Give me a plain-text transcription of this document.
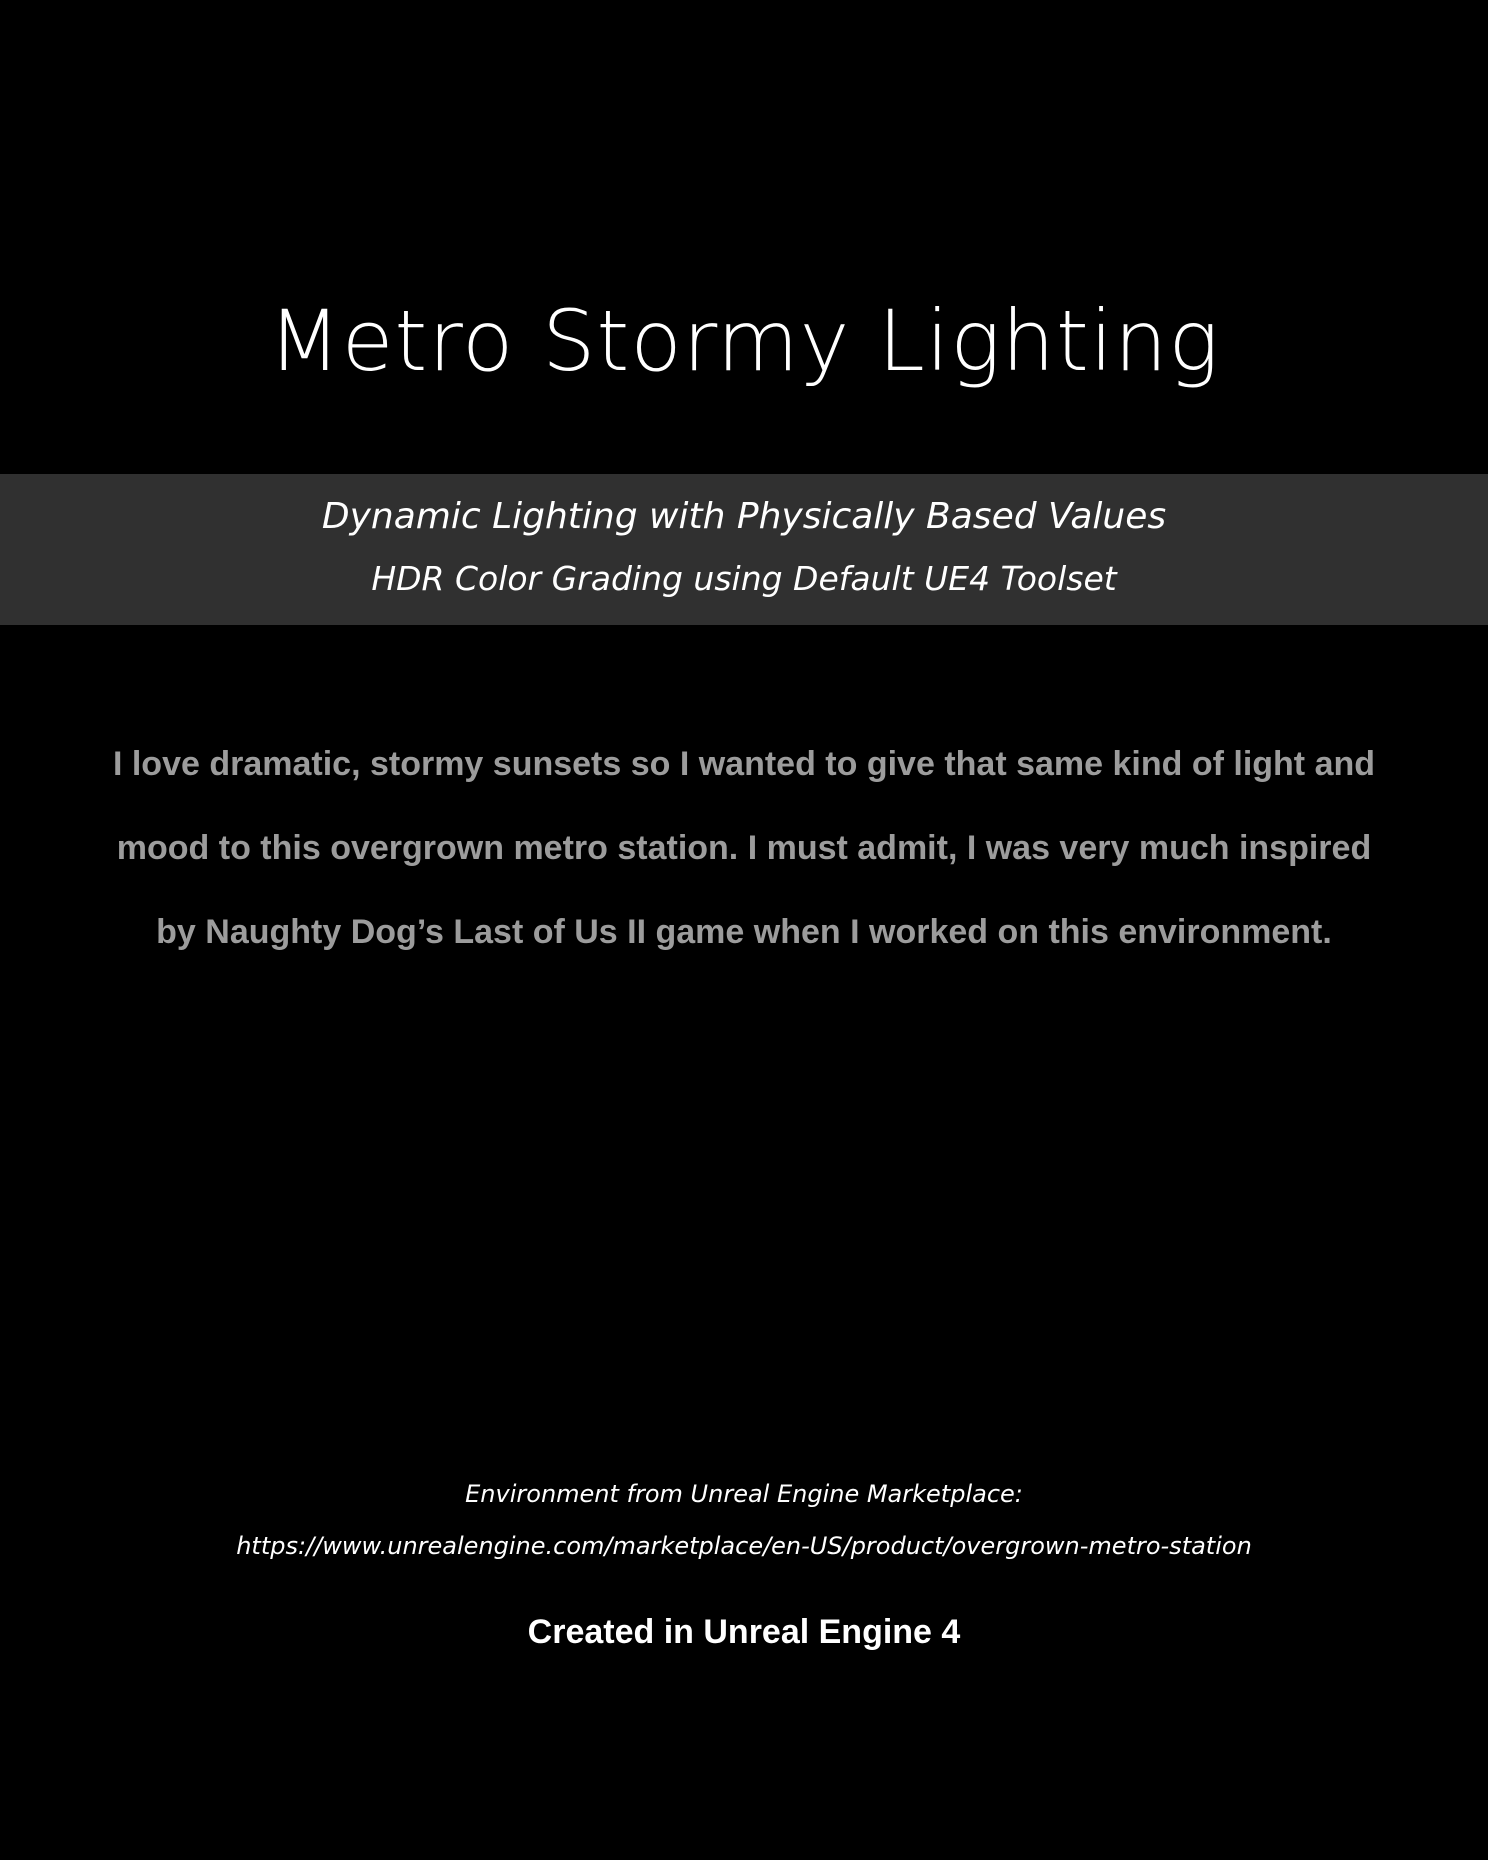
Metro Stormy Lighting

Dynamic Lighting with Physically Based Values

HDR Color Grading using Default UE4 Toolset

I love dramatic, stormy sunsets so I wanted to give that same kind of light and mood to this overgrown metro station. I must admit, I was very much inspired by Naughty Dog’s Last of Us II game when I worked on this environment.

Environment from Unreal Engine Marketplace:

https://www.unrealengine.com/marketplace/en-US/product/overgrown-metro-station

Created in Unreal Engine 4
